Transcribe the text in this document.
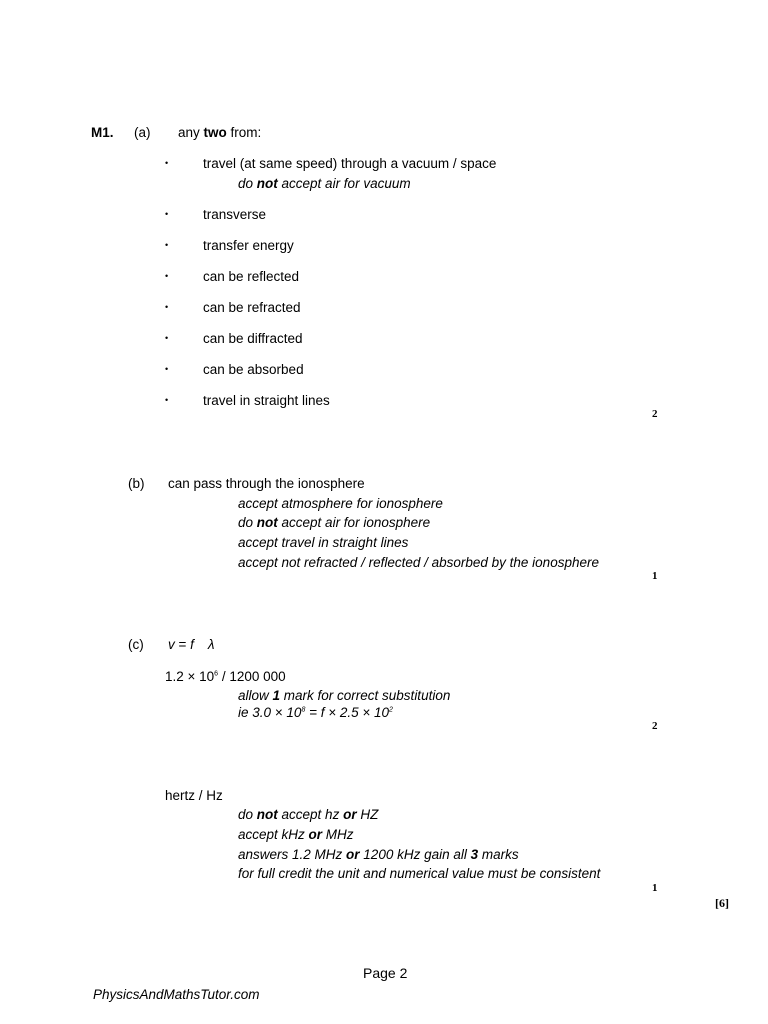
M1. (a) any two from:
•	travel (at same speed) through a vacuum / space
do not accept air for vacuum
•	transverse
•	transfer energy
•	can be reflected
•	can be refracted
•	can be diffracted
•	can be absorbed
•	travel in straight lines
2
(b) can pass through the ionosphere
accept atmosphere for ionosphere
do not accept air for ionosphere
accept travel in straight lines
accept not refracted / reflected / absorbed by the ionosphere
1
(c) v = f λ
$1.2 \times 10^6 / 1200$ 000
allow 1 mark for correct substitution
ie $3.0 \times 10^8 = f \times 2.5 \times 10^2$
2
hertz / Hz
do not accept hz or HZ
accept kHz or MHz
answers 1.2 MHz or 1200 kHz gain all 3 marks
for full credit the unit and numerical value must be consistent
1
[6]
Page 2
PhysicsAndMathsTutor.com
